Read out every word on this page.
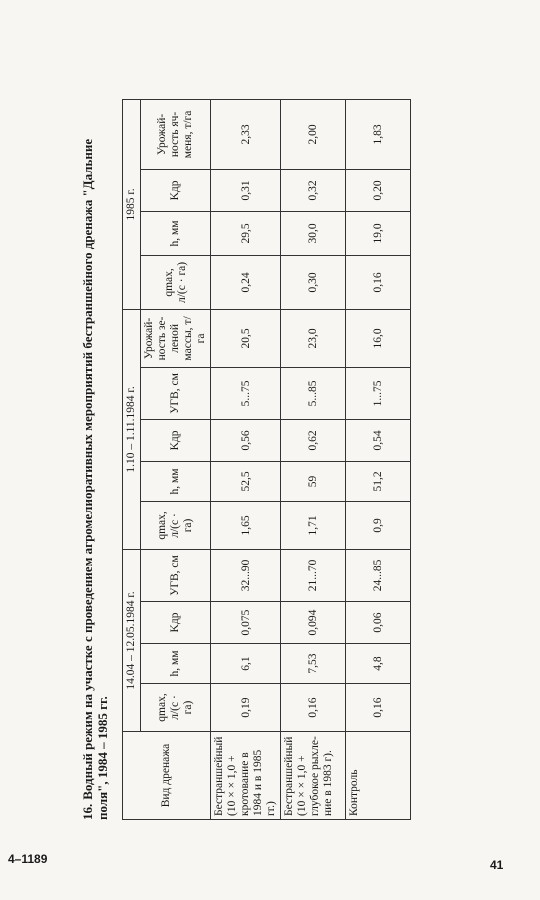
16.Водный режим на участке с проведением агромелиоративных мероприятий бестраншейного дренажа "Дальние поля", 1984 – 1985 гг.	Вид дренажа	14.04 – 12.05.1984 г.				1.10 – 1.11.1984 г.					1985 г.			
	qmax, л/(с · га)	h, мм	Kдр	УГВ, см	qmax, л/(с · га)	h, мм	Kдр	УГВ, см	Урожайность зеленой массы, т/га	qmax, л/(с · га)	h, мм	Kдр	Урожайность ячменя, т/га
Бестраншейный (10 × × 1,0 + кротование в 1984 и в 1985 гг.)	0,19	6,1	0,075	32...90	1,65	52,5	0,56	5...75	20,5	0,24	29,5	0,31	2,33
Бестраншейный (10 × × 1,0 + глубокое рыхление в 1983 г).	0,16	7,53	0,094	21...70	1,71	59	0,62	5...85	23,0	0,30	30,0	0,32	2,00
Контроль	0,16	4,8	0,06	24...85	0,9	51,2	0,54	1...75	16,0	0,16	19,0	0,20	1,83
4–1189	41
